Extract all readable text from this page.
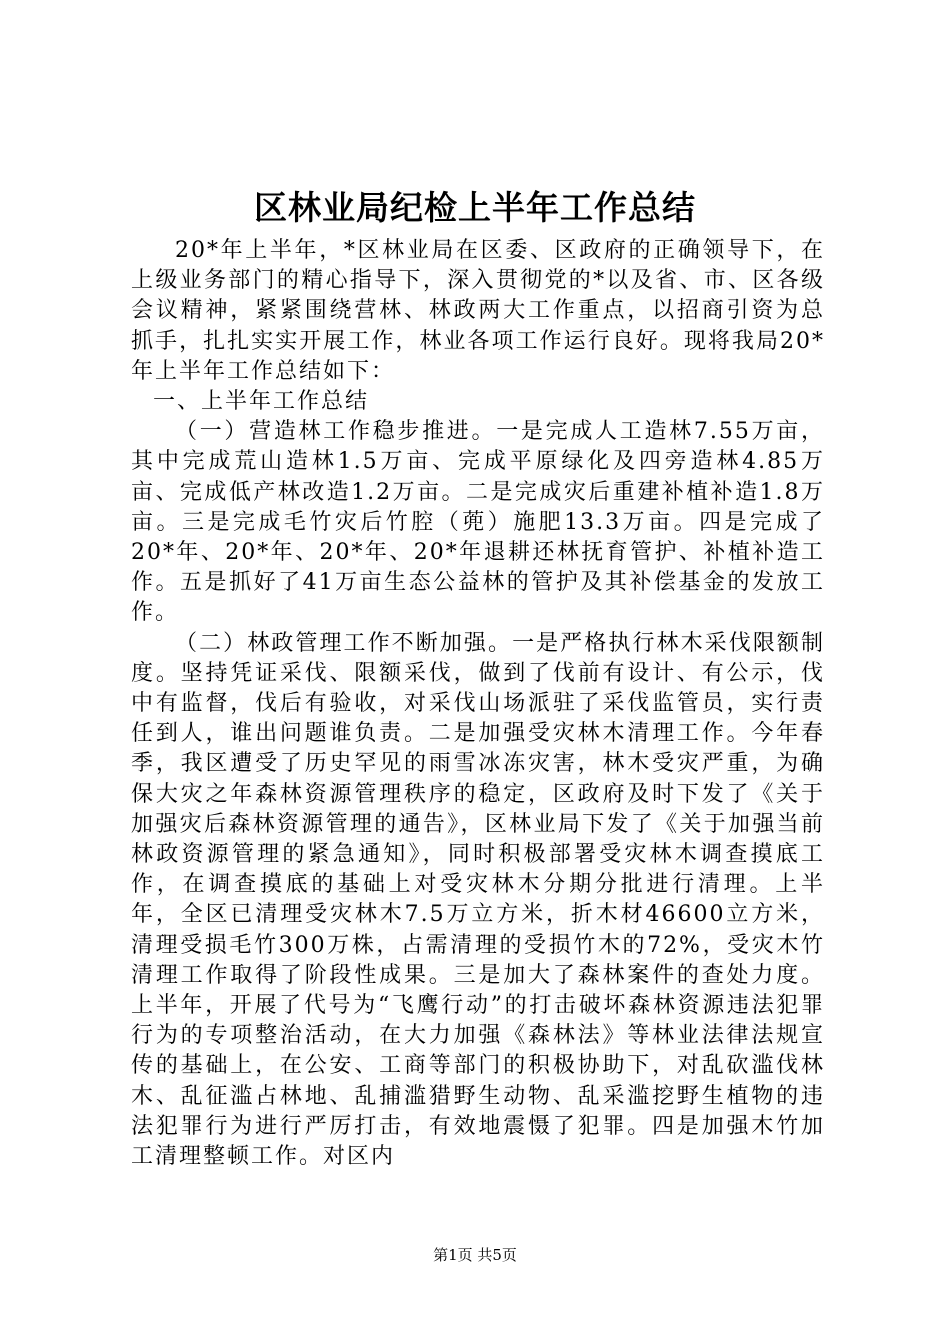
区林业局纪检上半年工作总结

20*年上半年，*区林业局在区委、区政府的正确领导下，在上级业务部门的精心指导下，深入贯彻党的*以及省、市、区各级会议精神，紧紧围绕营林、林政两大工作重点，以招商引资为总抓手，扎扎实实开展工作，林业各项工作运行良好。现将我局20*年上半年工作总结如下：

一、上半年工作总结

（一）营造林工作稳步推进。一是完成人工造林7.55万亩，其中完成荒山造林1.5万亩、完成平原绿化及四旁造林4.85万亩、完成低产林改造1.2万亩。二是完成灾后重建补植补造1.8万亩。三是完成毛竹灾后竹腔（蔸）施肥13.3万亩。四是完成了20*年、20*年、20*年、20*年退耕还林抚育管护、补植补造工作。五是抓好了41万亩生态公益林的管护及其补偿基金的发放工作。

（二）林政管理工作不断加强。一是严格执行林木采伐限额制度。坚持凭证采伐、限额采伐，做到了伐前有设计、有公示，伐中有监督，伐后有验收，对采伐山场派驻了采伐监管员，实行责任到人，谁出问题谁负责。二是加强受灾林木清理工作。今年春季，我区遭受了历史罕见的雨雪冰冻灾害，林木受灾严重，为确保大灾之年森林资源管理秩序的稳定，区政府及时下发了《关于加强灾后森林资源管理的通告》，区林业局下发了《关于加强当前林政资源管理的紧急通知》，同时积极部署受灾林木调查摸底工作，在调查摸底的基础上对受灾林木分期分批进行清理。上半年，全区已清理受灾林木7.5万立方米，折木材46600立方米，清理受损毛竹300万株，占需清理的受损竹木的72%，受灾木竹清理工作取得了阶段性成果。三是加大了森林案件的查处力度。上半年，开展了代号为“飞鹰行动”的打击破坏森林资源违法犯罪行为的专项整治活动，在大力加强《森林法》等林业法律法规宣传的基础上，在公安、工商等部门的积极协助下，对乱砍滥伐林木、乱征滥占林地、乱捕滥猎野生动物、乱采滥挖野生植物的违法犯罪行为进行严厉打击，有效地震慑了犯罪。四是加强木竹加工清理整顿工作。对区内

第1页 共5页
